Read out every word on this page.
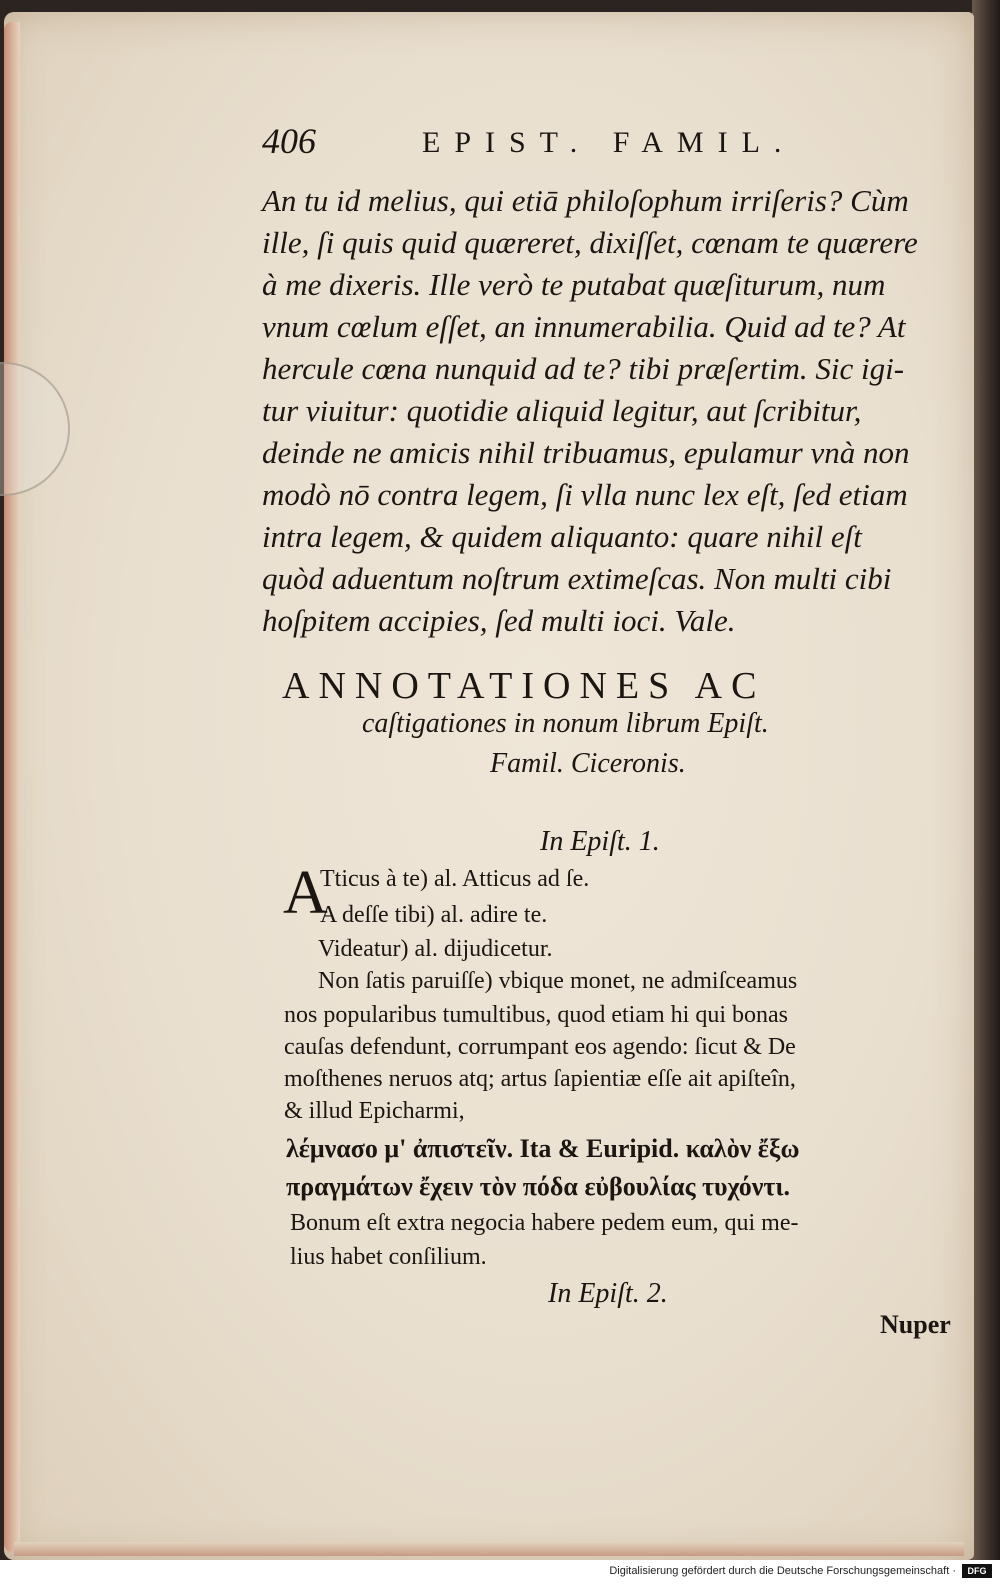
406	EPIST. FAMIL.
An tu id melius, qui etiā philoſophum irriſeris? Cùm
ille, ſi quis quid quæreret, dixiſſet, cœnam te quærere
à me dixeris. Ille verò te putabat quæſiturum, num
vnum cœlum eſſet, an innumerabilia. Quid ad te? At
hercule cœna nunquid ad te? tibi præſertim. Sic igi-
tur viuitur: quotidie aliquid legitur, aut ſcribitur,
deinde ne amicis nihil tribuamus, epulamur vnà non
modò nō contra legem, ſi vlla nunc lex eſt, ſed etiam
intra legem, & quidem aliquanto: quare nihil eſt
quòd aduentum noſtrum extimeſcas. Non multi cibi
hoſpitem accipies, ſed multi ioci. Vale.
ANNOTATIONES AC
caſtigationes in nonum librum Epiſt.
Famil. Ciceronis.
In Epiſt. 1.
A
Tticus à te) al. Atticus ad ſe.
A deſſe tibi) al. adire te.
Videatur) al. dijudicetur.
Non ſatis paruiſſe) vbique monet, ne admiſceamus
nos popularibus tumultibus, quod etiam hi qui bonas
cauſas defendunt, corrumpant eos agendo: ſicut & De
moſthenes neruos atq; artus ſapientiæ eſſe ait apiſteîn,
& illud Epicharmi,
λέμνασο μ' ἀπιστεῖν. Ita & Euripid. καλὸν ἔξω
πραγμάτων ἔχειν τὸν πόδα εὐβουλίας τυχόντι.
Bonum eſt extra negocia habere pedem eum, qui me-
lius habet conſilium.
In Epiſt. 2.
Nuper
Digitalisierung gefördert durch die Deutsche Forschungsgemeinschaft ·	DFG
